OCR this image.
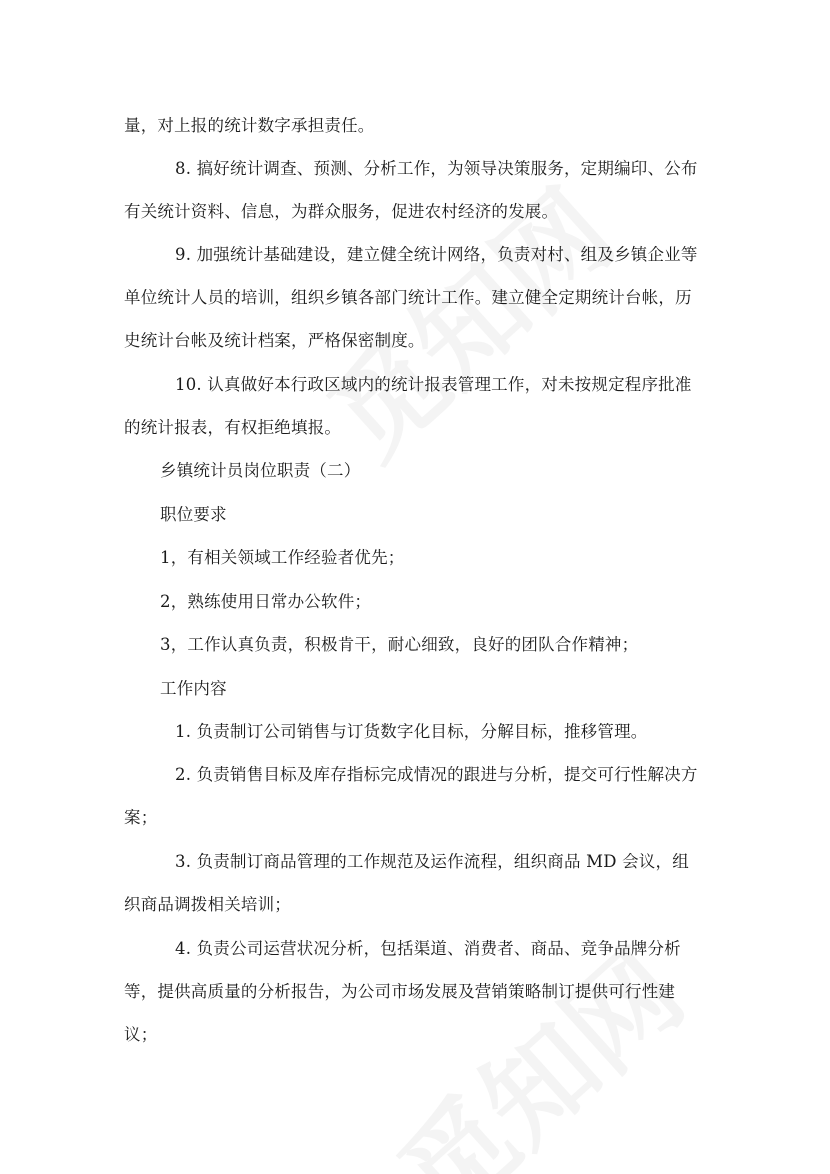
量，对上报的统计数字承担责任。
8. 搞好统计调查、预测、分析工作，为领导决策服务，定期编印、公布
有关统计资料、信息，为群众服务，促进农村经济的发展。
9. 加强统计基础建设，建立健全统计网络，负责对村、组及乡镇企业等
单位统计人员的培训，组织乡镇各部门统计工作。建立健全定期统计台帐，历
史统计台帐及统计档案，严格保密制度。
10. 认真做好本行政区域内的统计报表管理工作，对未按规定程序批准
的统计报表，有权拒绝填报。
乡镇统计员岗位职责（二）
职位要求
1，有相关领域工作经验者优先；
2，熟练使用日常办公软件；
3，工作认真负责，积极肯干，耐心细致，良好的团队合作精神；
工作内容
1. 负责制订公司销售与订货数字化目标，分解目标，推移管理。
2. 负责销售目标及库存指标完成情况的跟进与分析，提交可行性解决方
案；
3. 负责制订商品管理的工作规范及运作流程，组织商品 MD 会议，组
织商品调拨相关培训；
4. 负责公司运营状况分析，包括渠道、消费者、商品、竞争品牌分析
等，提供高质量的分析报告，为公司市场发展及营销策略制订提供可行性建
议；
